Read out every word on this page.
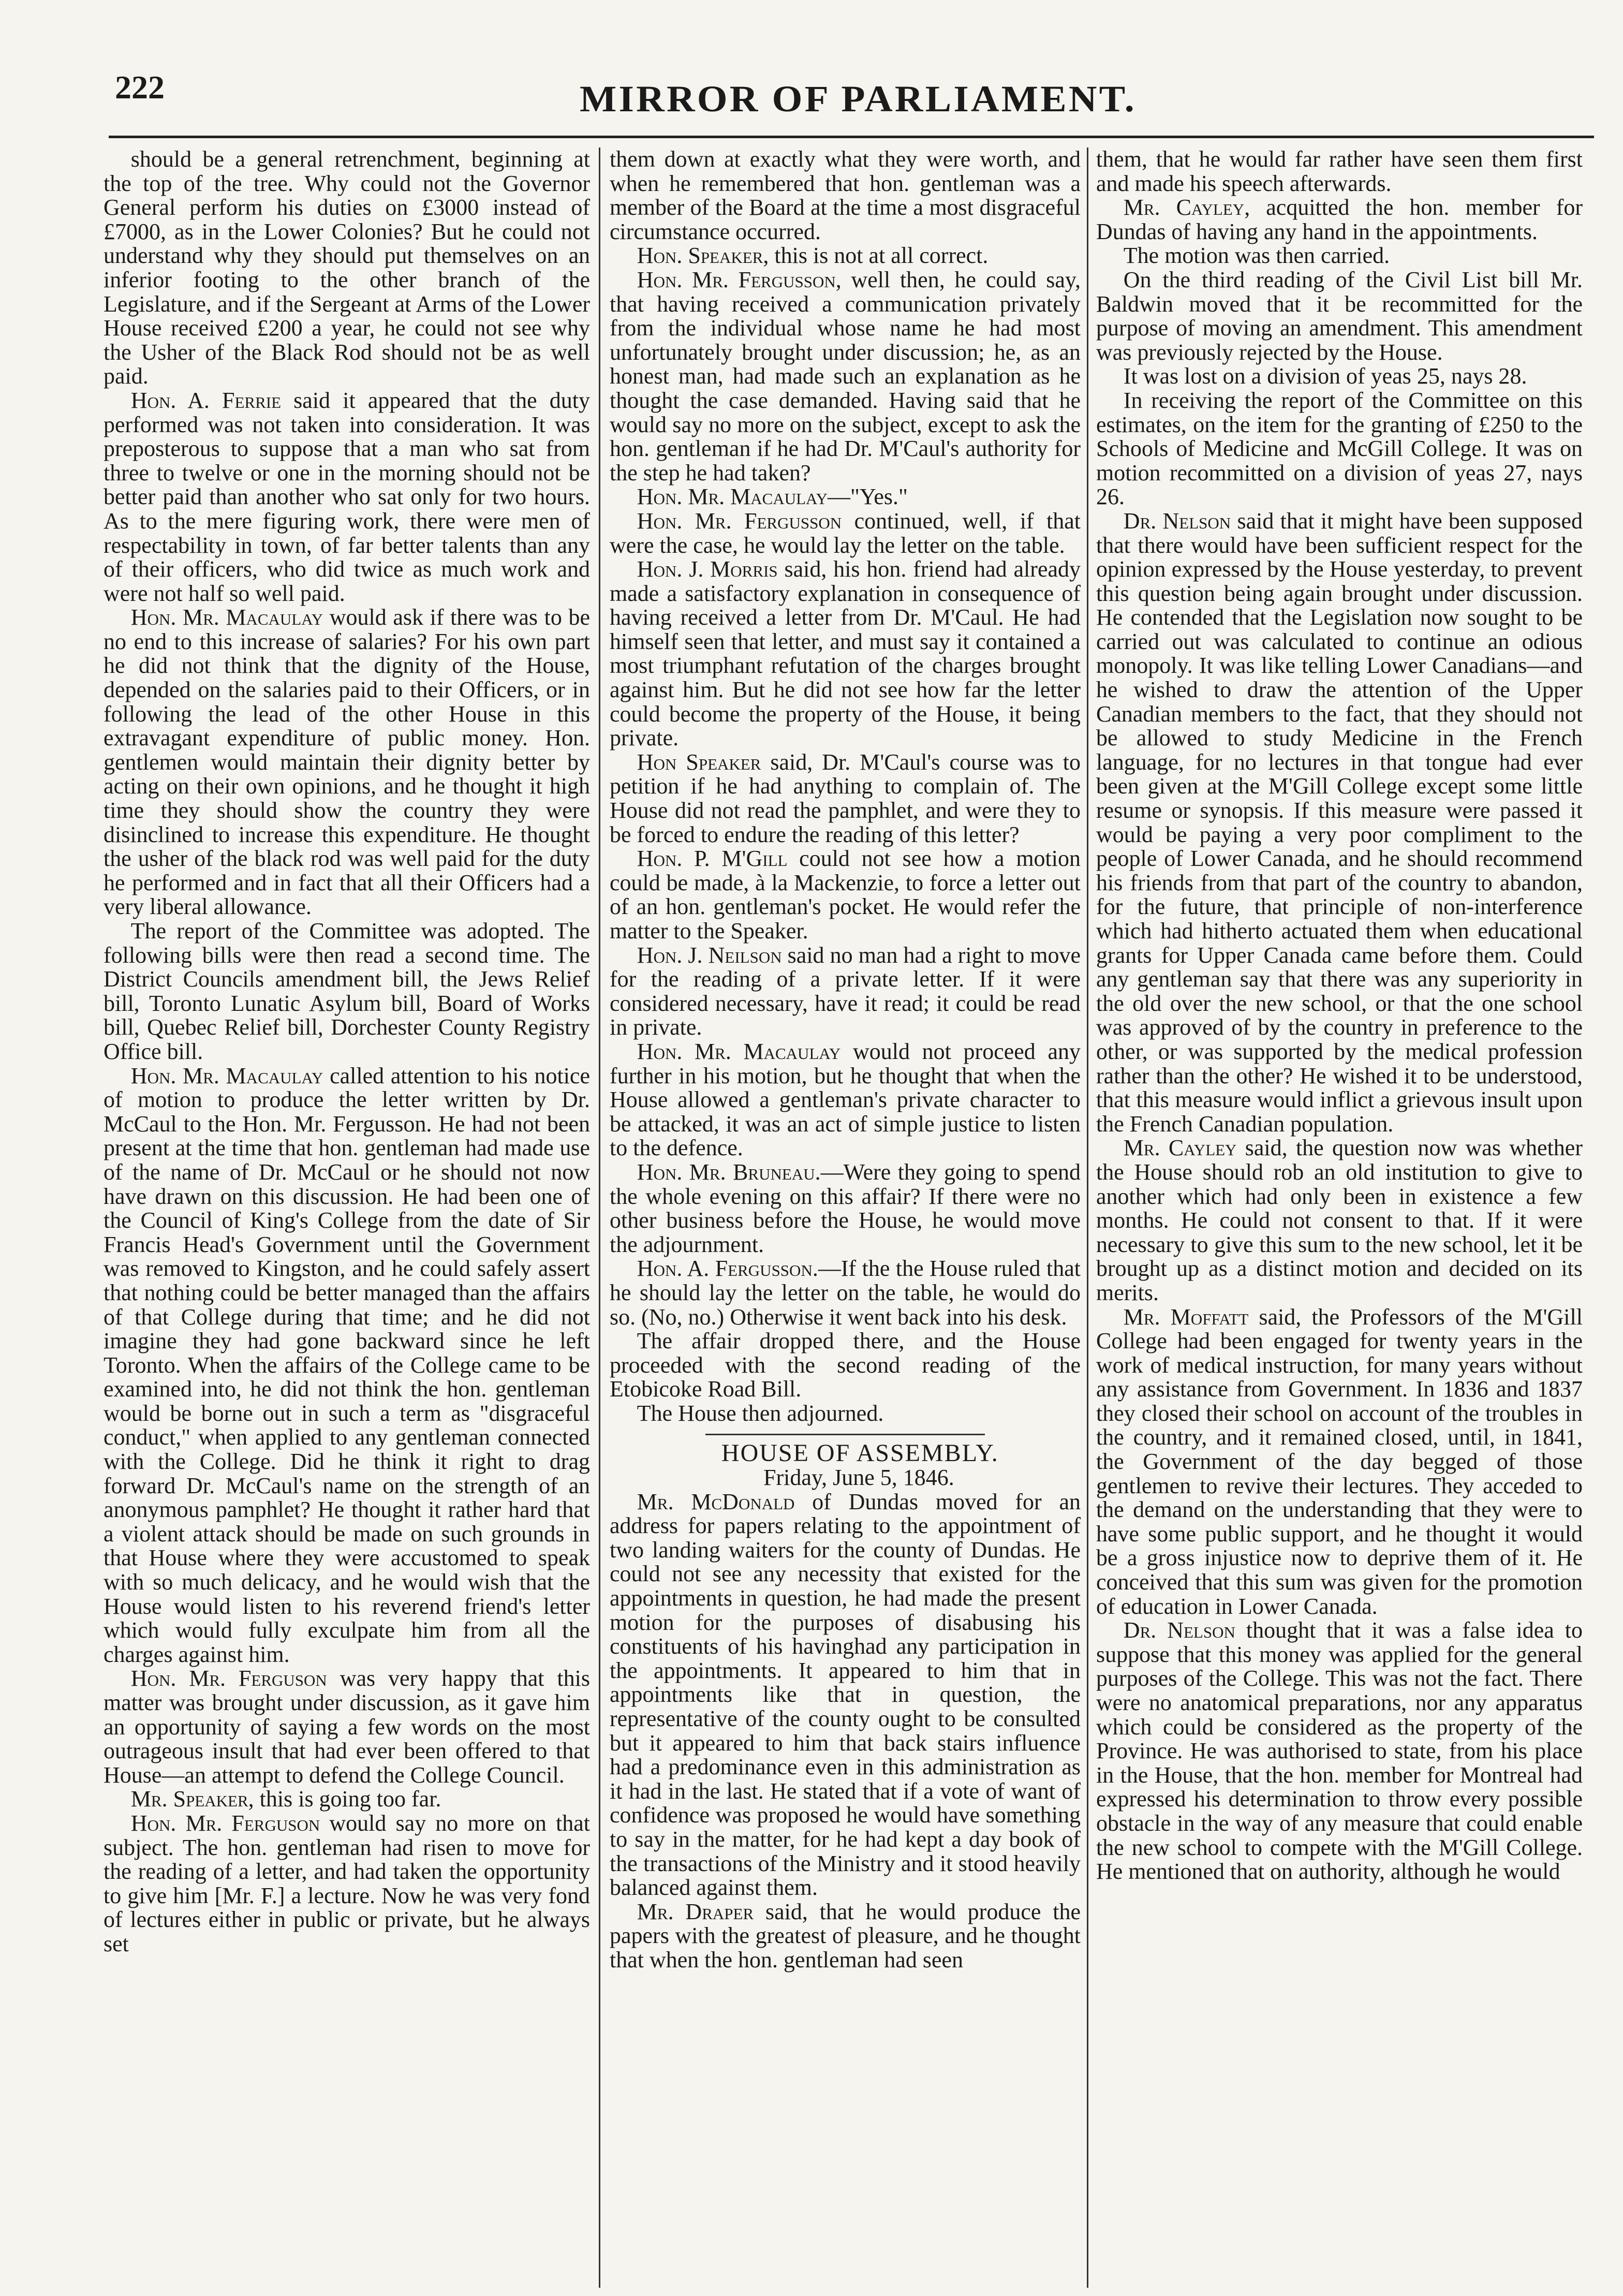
222	MIRROR OF PARLIAMENT.

should be a general retrenchment, beginning at the top of the tree. Why could not the Governor General perform his duties on £3000 instead of £7000, as in the Lower Colonies? But he could not understand why they should put themselves on an inferior footing to the other branch of the Legislature, and if the Sergeant at Arms of the Lower House received £200 a year, he could not see why the Usher of the Black Rod should not be as well paid.

Hon. A. Ferrie said it appeared that the duty performed was not taken into consideration. It was preposterous to suppose that a man who sat from three to twelve or one in the morning should not be better paid than another who sat only for two hours. As to the mere figuring work, there were men of respectability in town, of far better talents than any of their officers, who did twice as much work and were not half so well paid.

Hon. Mr. Macaulay would ask if there was to be no end to this increase of salaries? For his own part he did not think that the dignity of the House, depended on the salaries paid to their Officers, or in following the lead of the other House in this extravagant expenditure of public money. Hon. gentlemen would maintain their dignity better by acting on their own opinions, and he thought it high time they should show the country they were disinclined to increase this expenditure. He thought the usher of the black rod was well paid for the duty he performed and in fact that all their Officers had a very liberal allowance.

The report of the Committee was adopted. The following bills were then read a second time. The District Councils amendment bill, the Jews Relief bill, Toronto Lunatic Asylum bill, Board of Works bill, Quebec Relief bill, Dorchester County Registry Office bill.

Hon. Mr. Macaulay called attention to his notice of motion to produce the letter written by Dr. McCaul to the Hon. Mr. Fergusson. He had not been present at the time that hon. gentleman had made use of the name of Dr. McCaul or he should not now have drawn on this discussion. He had been one of the Council of King's College from the date of Sir Francis Head's Government until the Government was removed to Kingston, and he could safely assert that nothing could be better managed than the affairs of that College during that time; and he did not imagine they had gone backward since he left Toronto. When the affairs of the College came to be examined into, he did not think the hon. gentleman would be borne out in such a term as "disgraceful conduct," when applied to any gentleman connected with the College. Did he think it right to drag forward Dr. McCaul's name on the strength of an anonymous pamphlet? He thought it rather hard that a violent attack should be made on such grounds in that House where they were accustomed to speak with so much delicacy, and he would wish that the House would listen to his reverend friend's letter which would fully exculpate him from all the charges against him.

Hon. Mr. Ferguson was very happy that this matter was brought under discussion, as it gave him an opportunity of saying a few words on the most outrageous insult that had ever been offered to that House—an attempt to defend the College Council.

Mr. Speaker, this is going too far.

Hon. Mr. Ferguson would say no more on that subject. The hon. gentleman had risen to move for the reading of a letter, and had taken the opportunity to give him [Mr. F.] a lecture. Now he was very fond of lectures either in public or private, but he always set

them down at exactly what they were worth, and when he remembered that hon. gentleman was a member of the Board at the time a most disgraceful circumstance occurred.

Hon. Speaker, this is not at all correct.

Hon. Mr. Fergusson, well then, he could say, that having received a communication privately from the individual whose name he had most unfortunately brought under discussion; he, as an honest man, had made such an explanation as he thought the case demanded. Having said that he would say no more on the subject, except to ask the hon. gentleman if he had Dr. M'Caul's authority for the step he had taken?

Hon. Mr. Macaulay—"Yes."

Hon. Mr. Fergusson continued, well, if that were the case, he would lay the letter on the table.

Hon. J. Morris said, his hon. friend had already made a satisfactory explanation in consequence of having received a letter from Dr. M'Caul. He had himself seen that letter, and must say it contained a most triumphant refutation of the charges brought against him. But he did not see how far the letter could become the property of the House, it being private.

Hon Speaker said, Dr. M'Caul's course was to petition if he had anything to complain of. The House did not read the pamphlet, and were they to be forced to endure the reading of this letter?

Hon. P. M'Gill could not see how a motion could be made, à la Mackenzie, to force a letter out of an hon. gentleman's pocket. He would refer the matter to the Speaker.

Hon. J. Neilson said no man had a right to move for the reading of a private letter. If it were considered necessary, have it read; it could be read in private.

Hon. Mr. Macaulay would not proceed any further in his motion, but he thought that when the House allowed a gentleman's private character to be attacked, it was an act of simple justice to listen to the defence.

Hon. Mr. Bruneau.—Were they going to spend the whole evening on this affair? If there were no other business before the House, he would move the adjournment.

Hon. A. Fergusson.—If the the House ruled that he should lay the letter on the table, he would do so. (No, no.) Otherwise it went back into his desk.

The affair dropped there, and the House proceeded with the second reading of the Etobicoke Road Bill.

The House then adjourned.

HOUSE OF ASSEMBLY.

Friday, June 5, 1846.

Mr. McDonald of Dundas moved for an address for papers relating to the appointment of two landing waiters for the county of Dundas. He could not see any necessity that existed for the appointments in question, he had made the present motion for the purposes of disabusing his constituents of his havinghad any participation in the appointments. It appeared to him that in appointments like that in question, the representative of the county ought to be consulted but it appeared to him that back stairs influence had a predominance even in this administration as it had in the last. He stated that if a vote of want of confidence was proposed he would have something to say in the matter, for he had kept a day book of the transactions of the Ministry and it stood heavily balanced against them.

Mr. Draper said, that he would produce the papers with the greatest of pleasure, and he thought that when the hon. gentleman had seen

them, that he would far rather have seen them first and made his speech afterwards.

Mr. Cayley, acquitted the hon. member for Dundas of having any hand in the appointments.

The motion was then carried.

On the third reading of the Civil List bill Mr. Baldwin moved that it be recommitted for the purpose of moving an amendment. This amendment was previously rejected by the House.

It was lost on a division of yeas 25, nays 28.

In receiving the report of the Committee on this estimates, on the item for the granting of £250 to the Schools of Medicine and McGill College. It was on motion recommitted on a division of yeas 27, nays 26.

Dr. Nelson said that it might have been supposed that there would have been sufficient respect for the opinion expressed by the House yesterday, to prevent this question being again brought under discussion. He contended that the Legislation now sought to be carried out was calculated to continue an odious monopoly. It was like telling Lower Canadians—and he wished to draw the attention of the Upper Canadian members to the fact, that they should not be allowed to study Medicine in the French language, for no lectures in that tongue had ever been given at the M'Gill College except some little resume or synopsis. If this measure were passed it would be paying a very poor compliment to the people of Lower Canada, and he should recommend his friends from that part of the country to abandon, for the future, that principle of non-interference which had hitherto actuated them when educational grants for Upper Canada came before them. Could any gentleman say that there was any superiority in the old over the new school, or that the one school was approved of by the country in preference to the other, or was supported by the medical profession rather than the other? He wished it to be understood, that this measure would inflict a grievous insult upon the French Canadian population.

Mr. Cayley said, the question now was whether the House should rob an old institution to give to another which had only been in existence a few months. He could not consent to that. If it were necessary to give this sum to the new school, let it be brought up as a distinct motion and decided on its merits.

Mr. Moffatt said, the Professors of the M'Gill College had been engaged for twenty years in the work of medical instruction, for many years without any assistance from Government. In 1836 and 1837 they closed their school on account of the troubles in the country, and it remained closed, until, in 1841, the Government of the day begged of those gentlemen to revive their lectures. They acceded to the demand on the understanding that they were to have some public support, and he thought it would be a gross injustice now to deprive them of it. He conceived that this sum was given for the promotion of education in Lower Canada.

Dr. Nelson thought that it was a false idea to suppose that this money was applied for the general purposes of the College. This was not the fact. There were no anatomical preparations, nor any apparatus which could be considered as the property of the Province. He was authorised to state, from his place in the House, that the hon. member for Montreal had expressed his determination to throw every possible obstacle in the way of any measure that could enable the new school to compete with the M'Gill College. He mentioned that on authority, although he would
